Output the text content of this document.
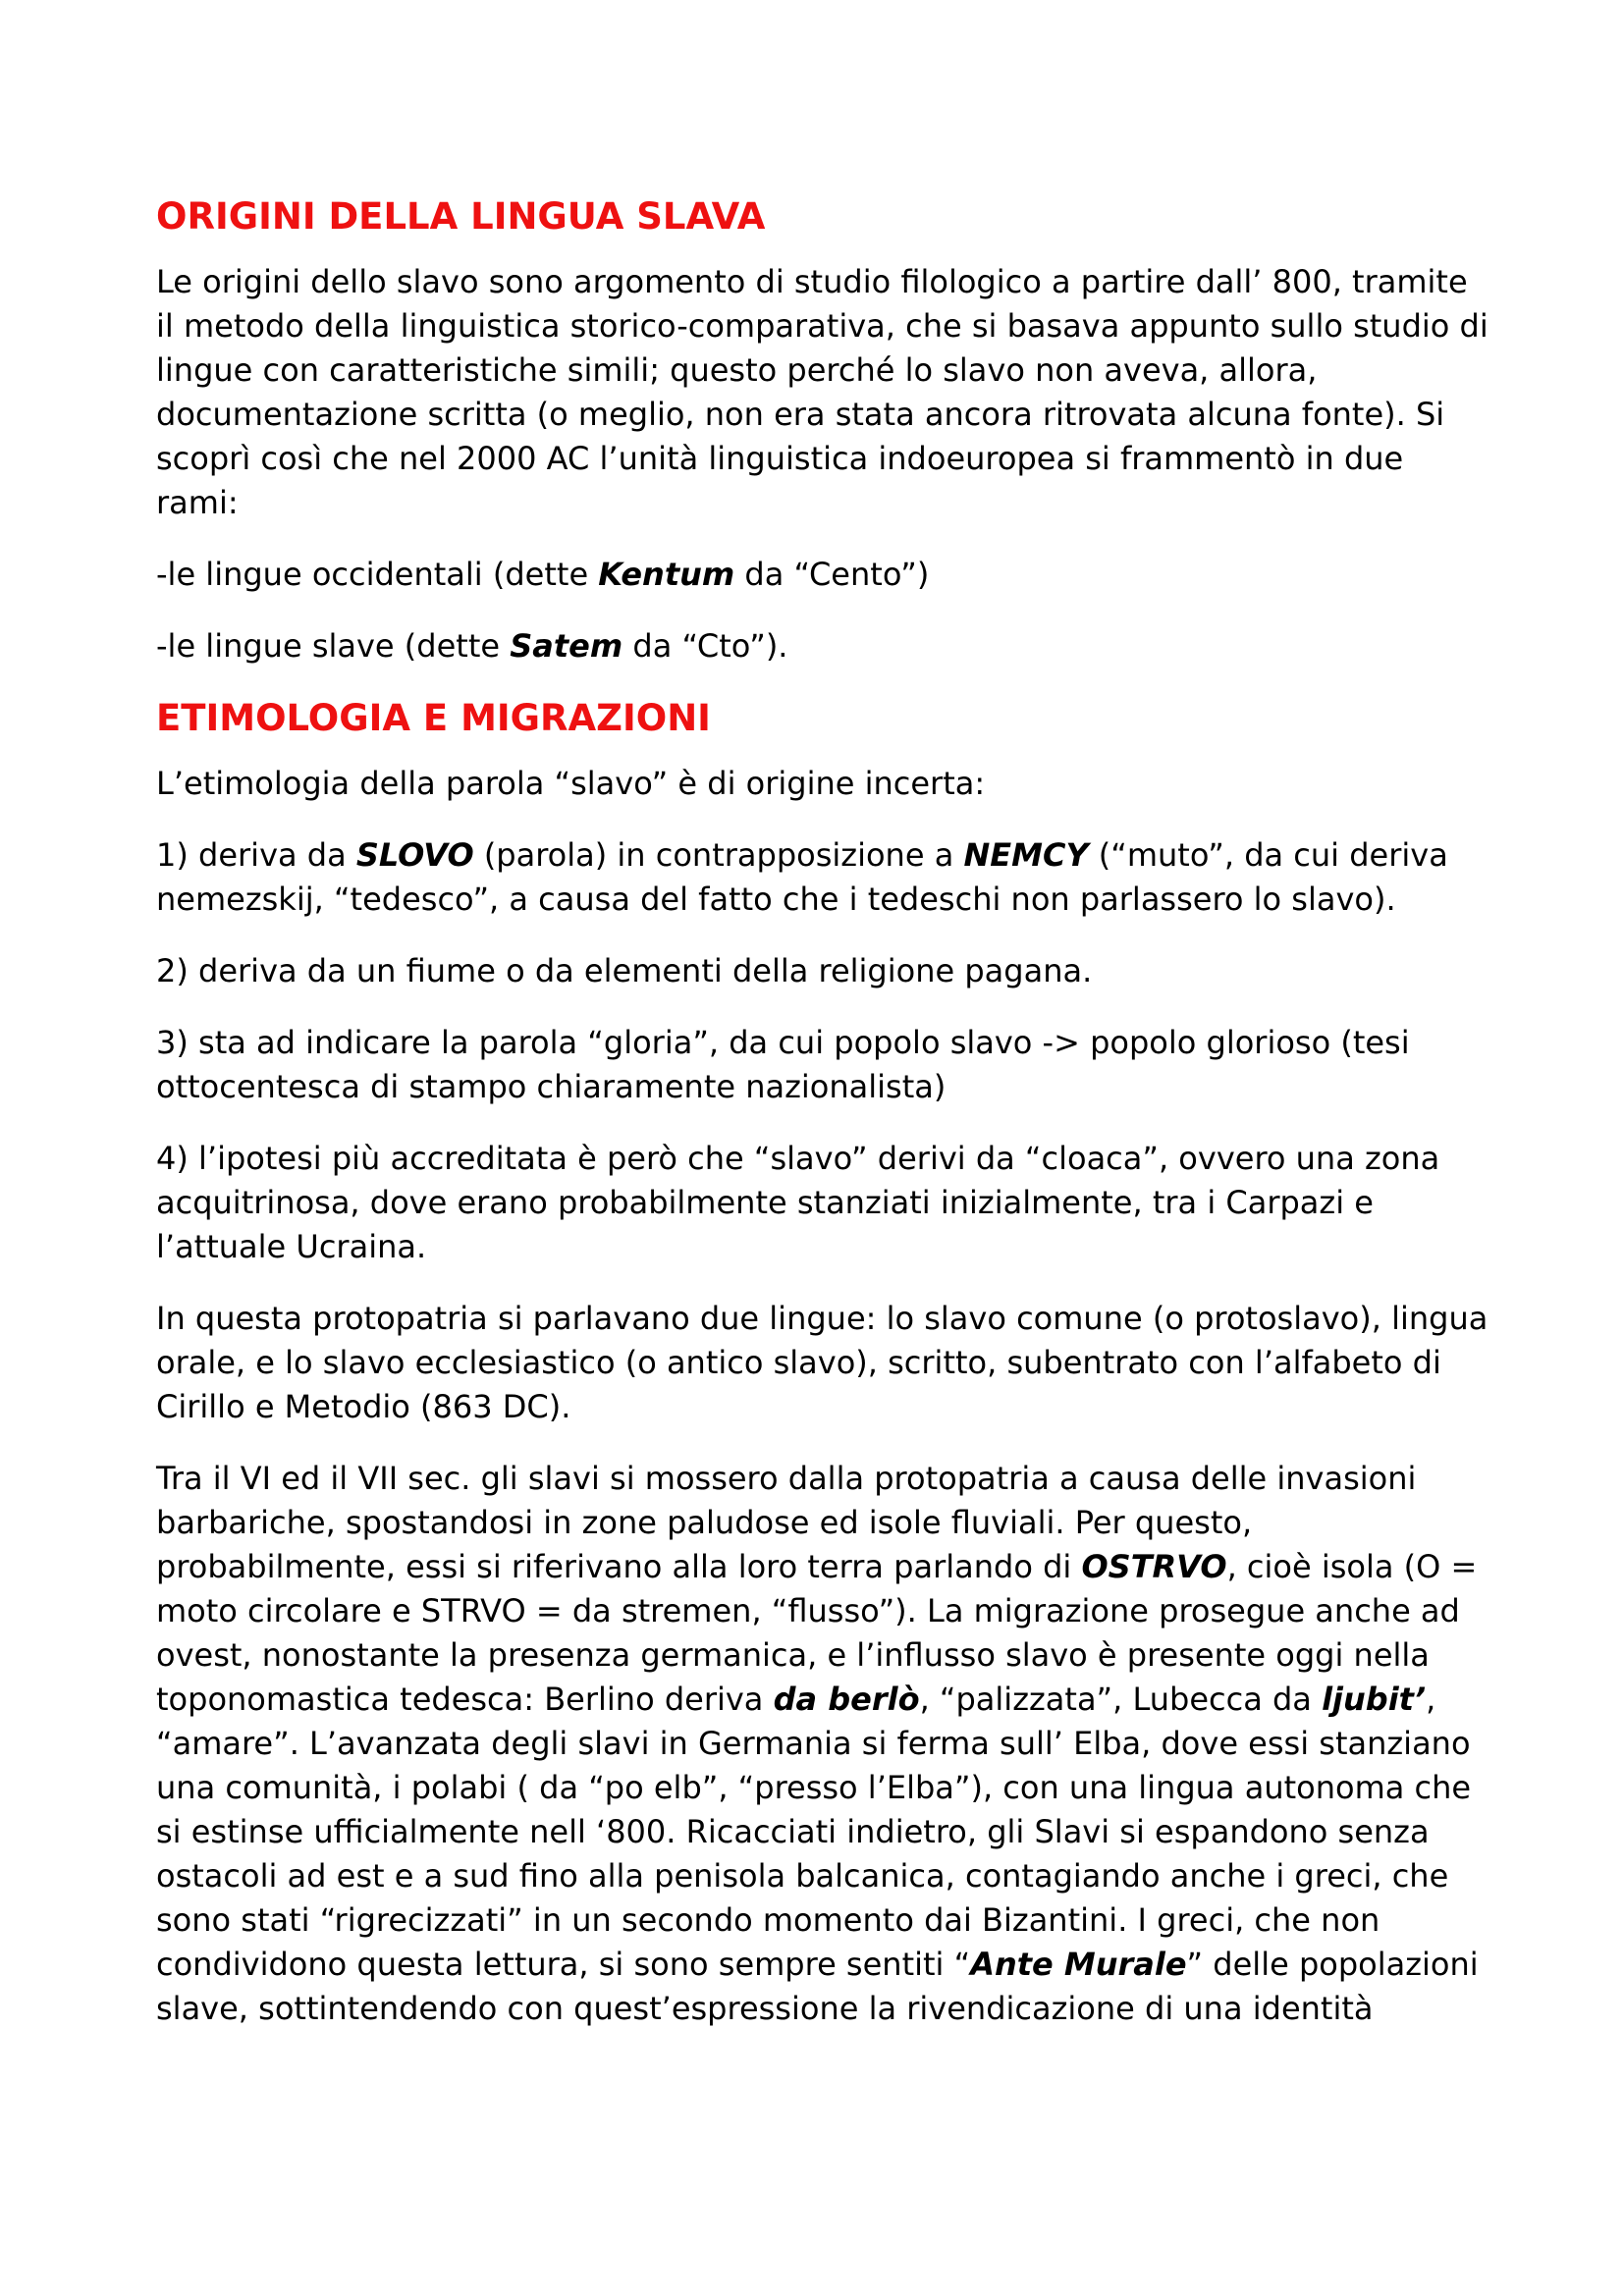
ORIGINI DELLA LINGUA SLAVA

Le origini dello slavo sono argomento di studio filologico a partire dall’ 800, tramite il metodo della linguistica storico-comparativa, che si basava appunto sullo studio di lingue con caratteristiche simili; questo perché lo slavo non aveva, allora, documentazione scritta (o meglio, non era stata ancora ritrovata alcuna fonte). Si scoprì così che nel 2000 AC l’unità linguistica indoeuropea si frammentò in due rami:

-le lingue occidentali (dette Kentum da “Cento”)

-le lingue slave (dette Satem da “Cto”).

ETIMOLOGIA E MIGRAZIONI

L’etimologia della parola “slavo” è di origine incerta:

1) deriva da SLOVO (parola) in contrapposizione a NEMCY (“muto”, da cui deriva nemezskij, “tedesco”, a causa del fatto che i tedeschi non parlassero lo slavo).

2) deriva da un fiume o da elementi della religione pagana.

3) sta ad indicare la parola “gloria”, da cui popolo slavo -> popolo glorioso (tesi ottocentesca di stampo chiaramente nazionalista)

4) l’ipotesi più accreditata è però che “slavo” derivi da “cloaca”, ovvero una zona acquitrinosa, dove erano probabilmente stanziati inizialmente, tra i Carpazi e l’attuale Ucraina.

In questa protopatria si parlavano due lingue: lo slavo comune (o protoslavo), lingua orale, e lo slavo ecclesiastico (o antico slavo), scritto, subentrato con l’alfabeto di Cirillo e Metodio (863 DC).

Tra il VI ed il VII sec. gli slavi si mossero dalla protopatria a causa delle invasioni barbariche, spostandosi in zone paludose ed isole fluviali. Per questo, probabilmente, essi si riferivano alla loro terra parlando di OSTRVO, cioè isola (O = moto circolare e STRVO = da stremen, “flusso”). La migrazione prosegue anche ad ovest, nonostante la presenza germanica, e l’influsso slavo è presente oggi nella toponomastica tedesca: Berlino deriva da berlò, “palizzata”, Lubecca da ljubit’, “amare”. L’avanzata degli slavi in Germania si ferma sull’ Elba, dove essi stanziano una comunità, i polabi ( da “po elb”, “presso l’Elba”), con una lingua autonoma che si estinse ufficialmente nell ‘800. Ricacciati indietro, gli Slavi si espandono senza ostacoli ad est e a sud fino alla penisola balcanica, contagiando anche i greci, che sono stati “rigrecizzati” in un secondo momento dai Bizantini. I greci, che non condividono questa lettura, si sono sempre sentiti “Ante Murale” delle popolazioni slave, sottintendendo con quest’espressione la rivendicazione di una identità
